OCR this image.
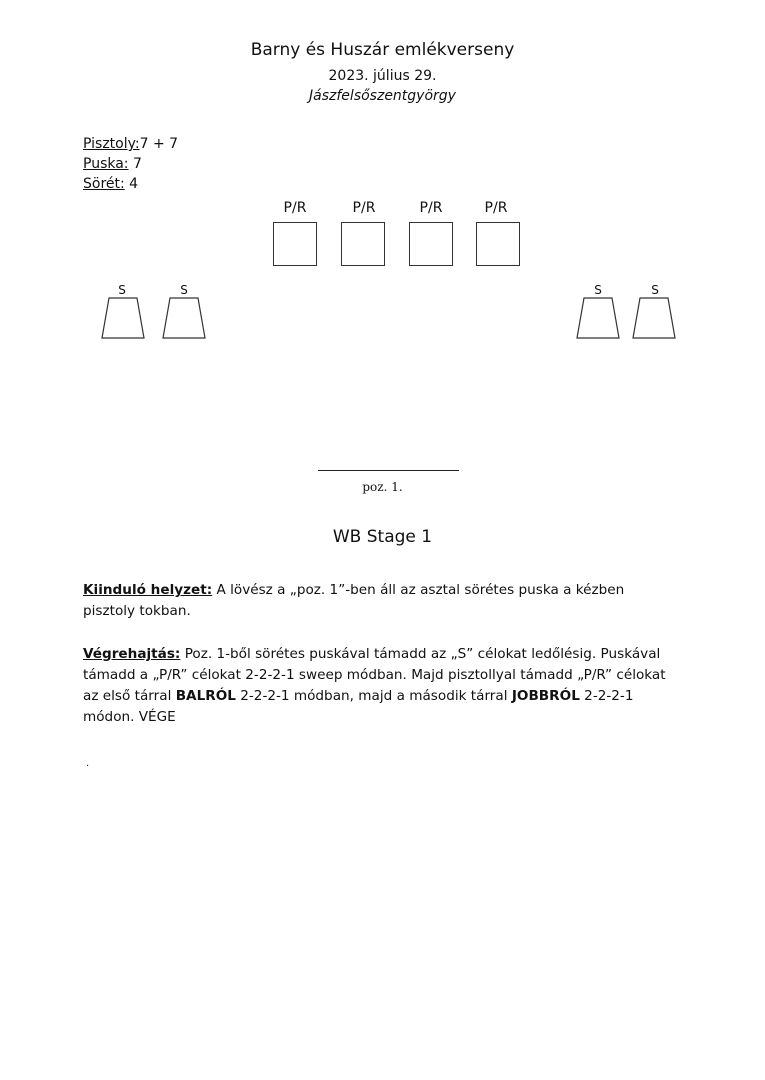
Barny és Huszár emlékverseny
2023. július 29.
Jászfelsőszentgyörgy
Pisztoly:7 + 7
Puska: 7
Sörét: 4
P/R	P/R	P/R	P/R
S	S	S	S
poz. 1.
WB Stage 1
Kiinduló helyzet: A lövész a „poz. 1”-ben áll az asztal sörétes puska a kézben pisztoly tokban.
Végrehajtás: Poz. 1-ből sörétes puskával támadd az „S” célokat ledőlésig. Puskával támadd a „P/R” célokat 2-2-2-1 sweep módban. Majd pisztollyal támadd „P/R” célokat az első tárral BALRÓL 2-2-2-1 módban, majd a második tárral JOBBRÓL 2-2-2-1 módon. VÉGE
.
